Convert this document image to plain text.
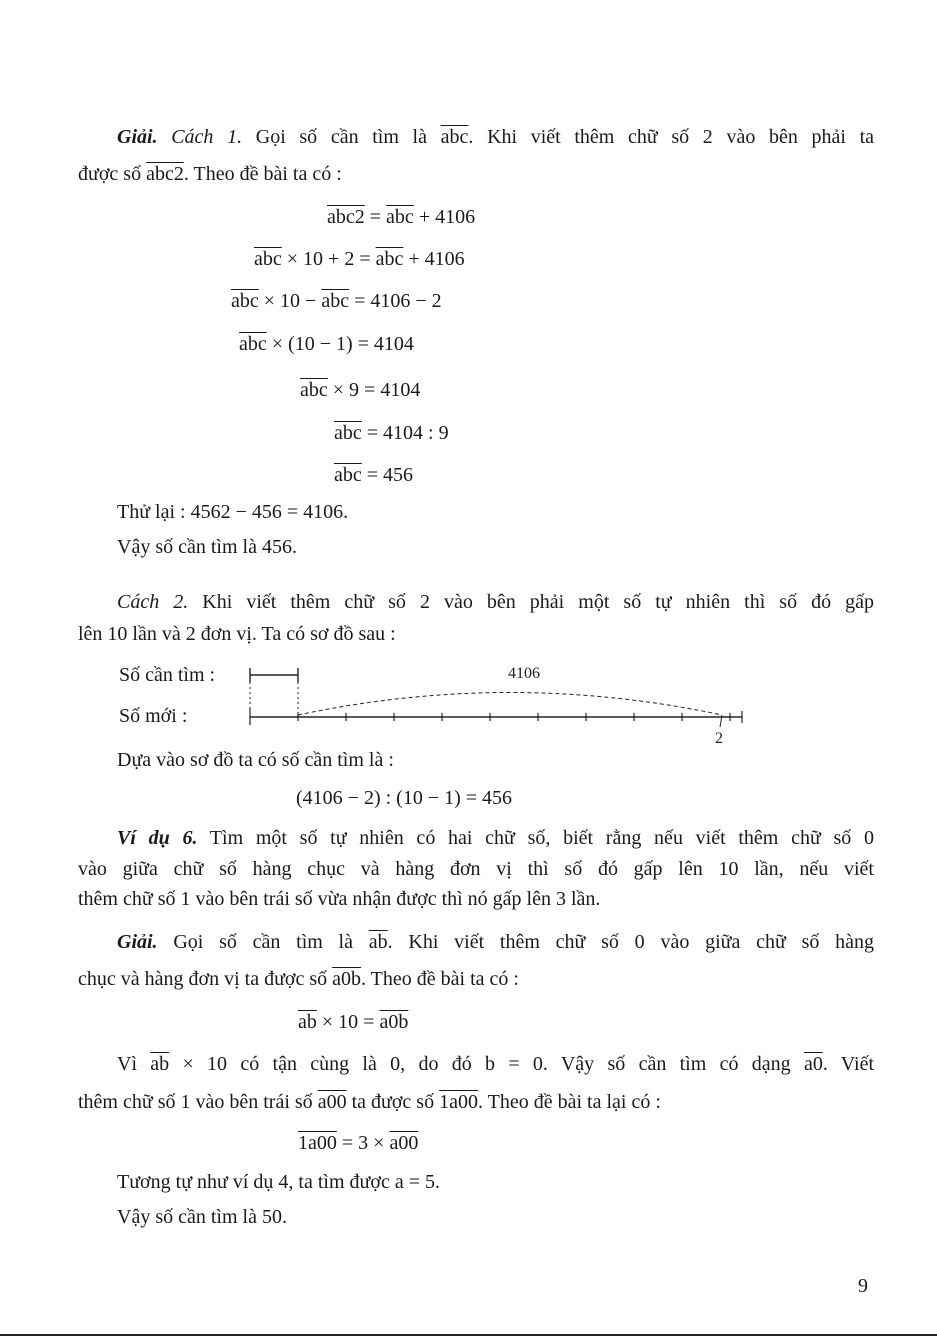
Giải. Cách 1. Gọi số cần tìm là $\overline{abc}$. Khi viết thêm chữ số 2 vào bên phải ta
được số abc2. Theo đề bài ta có :
$abc2 = \overline{abc} + 4106$
$\overline{abc} \times 10 + 2 = \overline{abc} + 4106$
$\overline{abc} \times 10 - \overline{abc} = 4106 - 2$
$\overline{abc} \times (10 - 1) = 4104$
$\overline{abc} \times 9 = 4104$
$\overline{abc} = 4104$ : 9
$\overline{abc} = 456$
Thử lại : 4562 − 456 = 4106.
Vậy số cần tìm là 456.
Cách 2. Khi viết thêm chữ số 2 vào bên phải một số tự nhiên thì số đó gấp
lên 10 lần và 2 đơn vị. Ta có sơ đồ sau :
Số cần tìm :
Số mới :
4106
2
Dựa vào sơ đồ ta có số cần tìm là :
(4106 − 2) : (10 − 1) = 456
Ví dụ 6. Tìm một số tự nhiên có hai chữ số, biết rằng nếu viết thêm chữ số 0
vào giữa chữ số hàng chục và hàng đơn vị thì số đó gấp lên 10 lần, nếu viết
thêm chữ số 1 vào bên trái số vừa nhận được thì nó gấp lên 3 lần.
Giải. Gọi số cần tìm là $\overline{ab}$. Khi viết thêm chữ số 0 vào giữa chữ số hàng
chục và hàng đơn vị ta được số a0b. Theo đề bài ta có :
$\overline{ab} \times 10 = a0b$
Vì $\overline{ab} \times 10$ có tận cùng là 0, do đó b = 0. Vậy số cần tìm có dạng a0. Viết
thêm chữ số 1 vào bên trái số a00 ta được số 1a00. Theo đề bài ta lại có :
1a00 = 3 × a00
Tương tự như ví dụ 4, ta tìm được a = 5.
Vậy số cần tìm là 50.
9
